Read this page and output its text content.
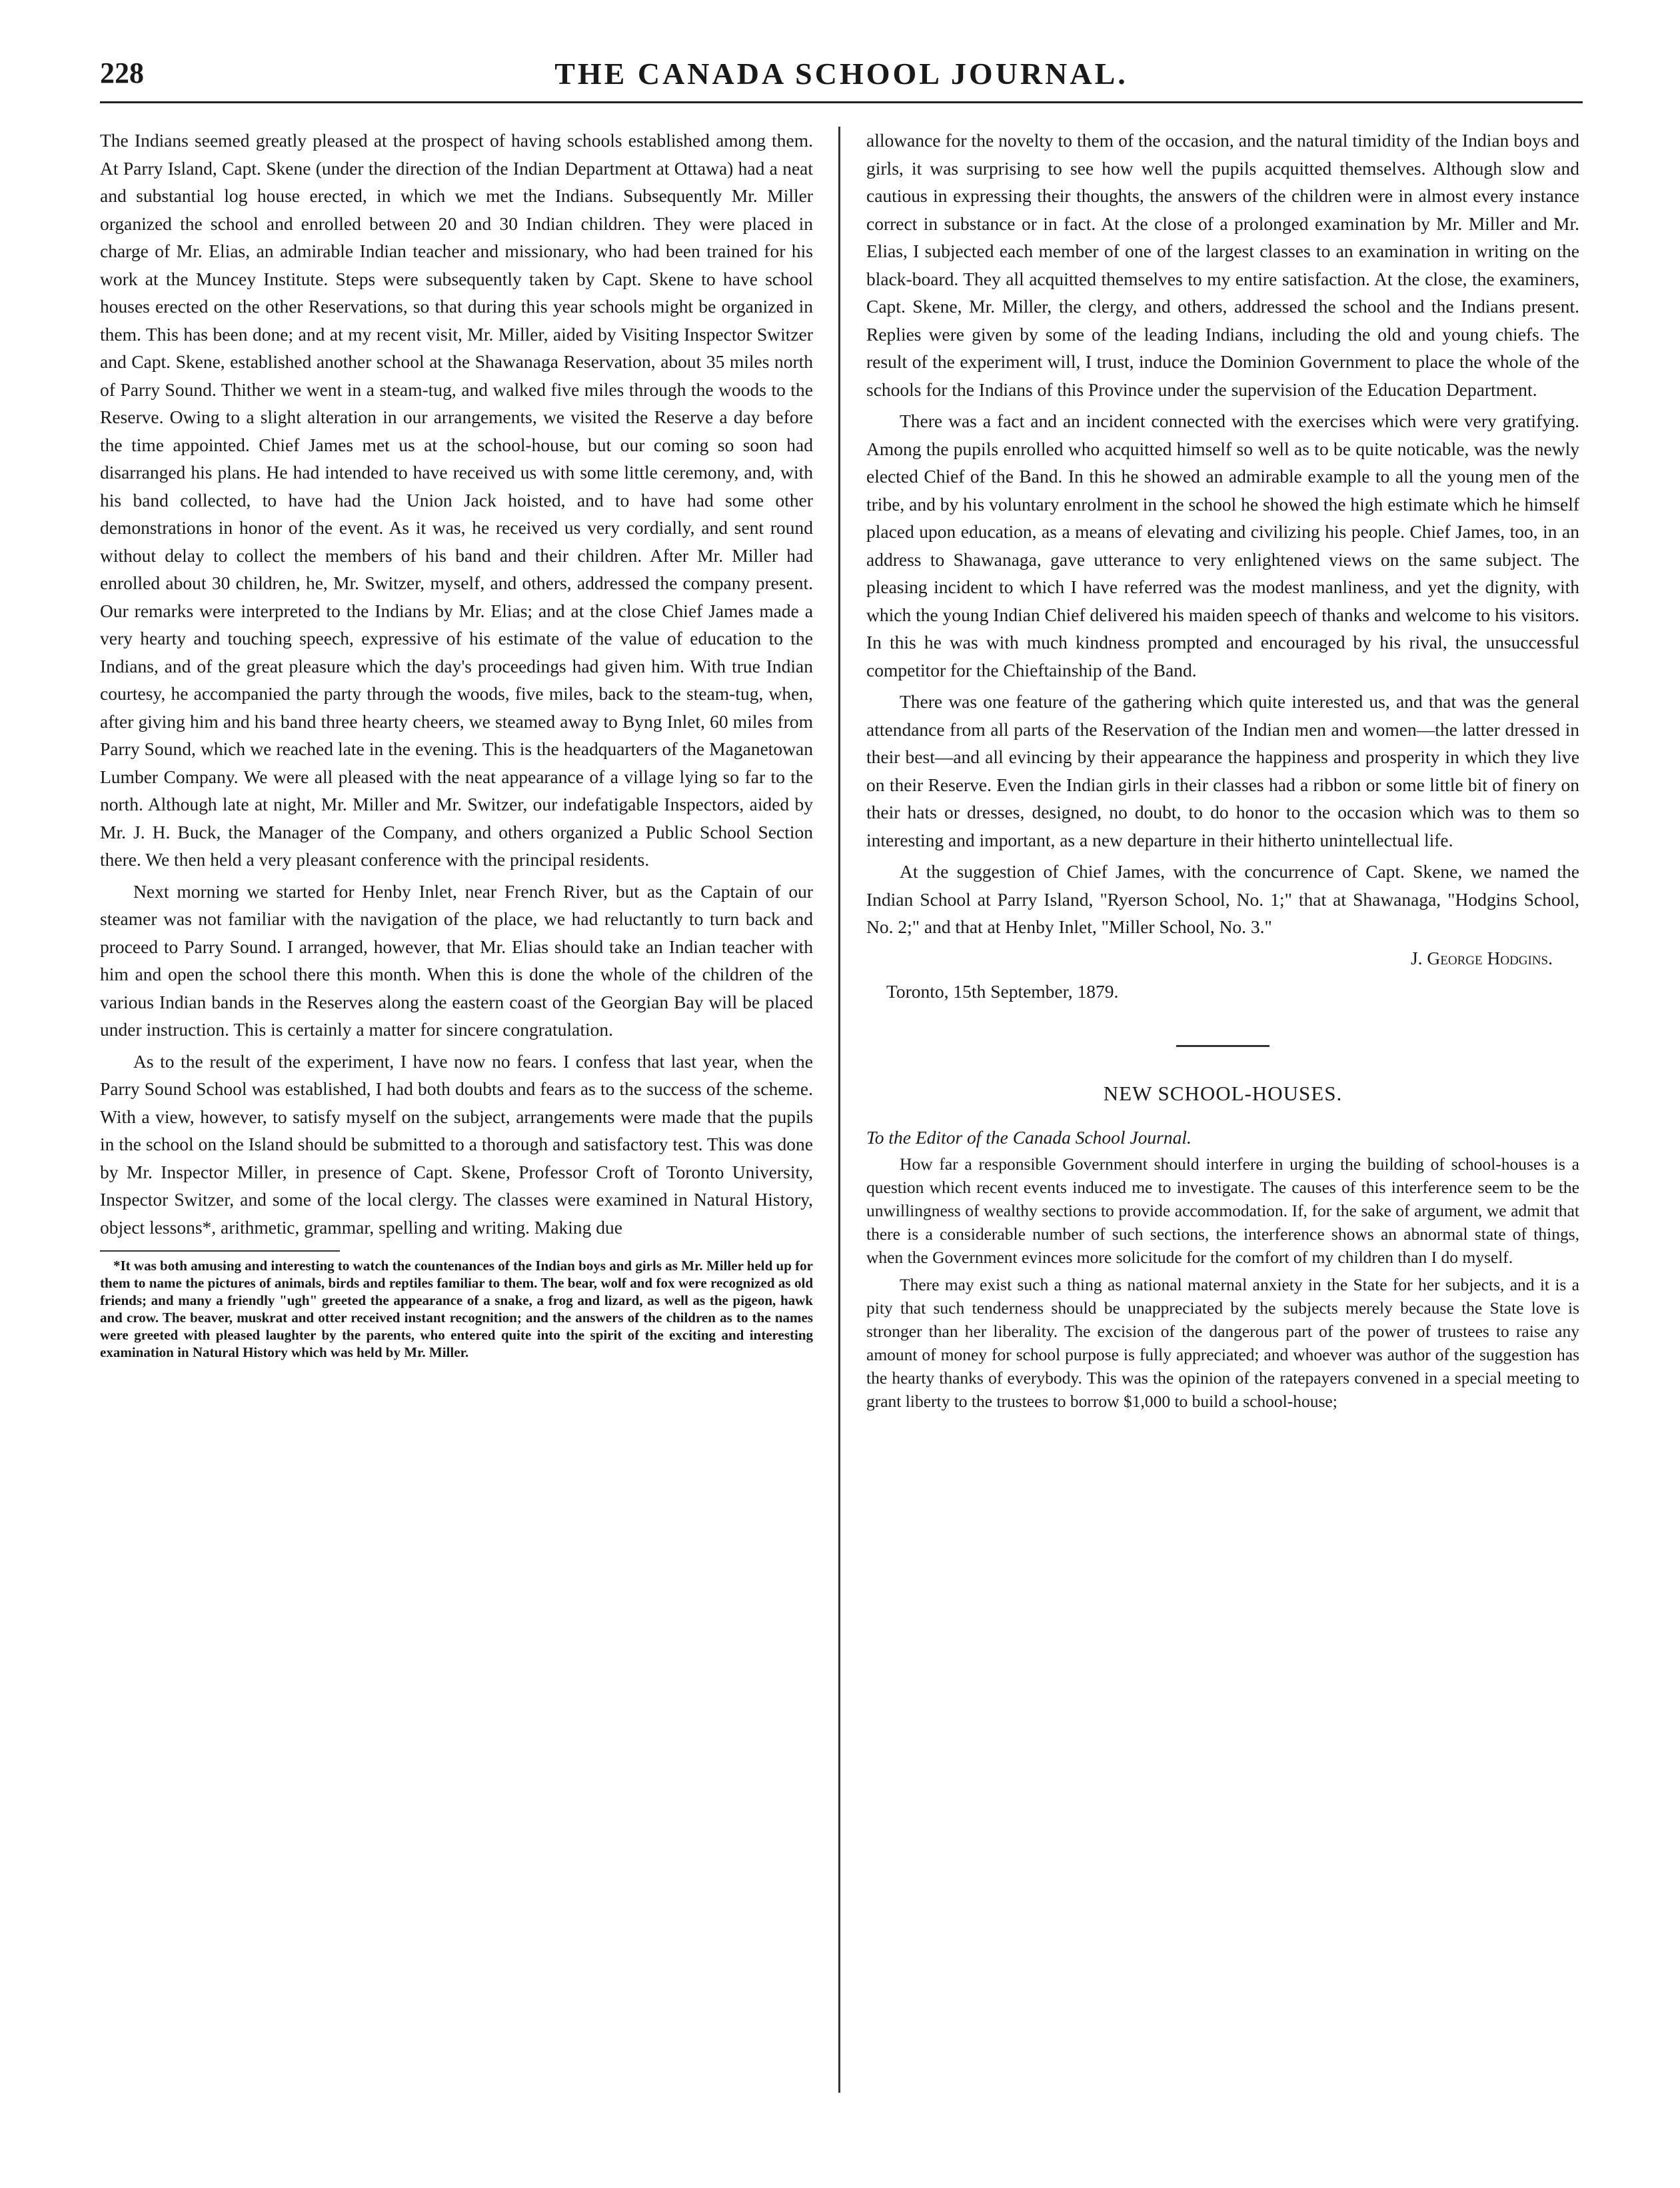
228	THE CANADA SCHOOL JOURNAL.

The Indians seemed greatly pleased at the prospect of having schools established among them. At Parry Island, Capt. Skene (under the direction of the Indian Department at Ottawa) had a neat and substantial log house erected, in which we met the Indians. Subsequently Mr. Miller organized the school and enrolled between 20 and 30 Indian children. They were placed in charge of Mr. Elias, an admirable Indian teacher and missionary, who had been trained for his work at the Muncey Institute. Steps were subsequently taken by Capt. Skene to have school houses erected on the other Reservations, so that during this year schools might be organized in them. This has been done; and at my recent visit, Mr. Miller, aided by Visiting Inspector Switzer and Capt. Skene, established another school at the Shawanaga Reservation, about 35 miles north of Parry Sound. Thither we went in a steam-tug, and walked five miles through the woods to the Reserve. Owing to a slight alteration in our arrangements, we visited the Reserve a day before the time appointed. Chief James met us at the school-house, but our coming so soon had disarranged his plans. He had intended to have received us with some little ceremony, and, with his band collected, to have had the Union Jack hoisted, and to have had some other demonstrations in honor of the event. As it was, he received us very cordially, and sent round without delay to collect the members of his band and their children. After Mr. Miller had enrolled about 30 children, he, Mr. Switzer, myself, and others, addressed the company present. Our remarks were interpreted to the Indians by Mr. Elias; and at the close Chief James made a very hearty and touching speech, expressive of his estimate of the value of education to the Indians, and of the great pleasure which the day's proceedings had given him. With true Indian courtesy, he accompanied the party through the woods, five miles, back to the steam-tug, when, after giving him and his band three hearty cheers, we steamed away to Byng Inlet, 60 miles from Parry Sound, which we reached late in the evening. This is the headquarters of the Maganetowan Lumber Company. We were all pleased with the neat appearance of a village lying so far to the north. Although late at night, Mr. Miller and Mr. Switzer, our indefatigable Inspectors, aided by Mr. J. H. Buck, the Manager of the Company, and others organized a Public School Section there. We then held a very pleasant conference with the principal residents.

Next morning we started for Henby Inlet, near French River, but as the Captain of our steamer was not familiar with the navigation of the place, we had reluctantly to turn back and proceed to Parry Sound. I arranged, however, that Mr. Elias should take an Indian teacher with him and open the school there this month. When this is done the whole of the children of the various Indian bands in the Reserves along the eastern coast of the Georgian Bay will be placed under instruction. This is certainly a matter for sincere congratulation.

As to the result of the experiment, I have now no fears. I confess that last year, when the Parry Sound School was established, I had both doubts and fears as to the success of the scheme. With a view, however, to satisfy myself on the subject, arrangements were made that the pupils in the school on the Island should be submitted to a thorough and satisfactory test. This was done by Mr. Inspector Miller, in presence of Capt. Skene, Professor Croft of Toronto University, Inspector Switzer, and some of the local clergy. The classes were examined in Natural History, object lessons*, arithmetic, grammar, spelling and writing. Making due

*It was both amusing and interesting to watch the countenances of the Indian boys and girls as Mr. Miller held up for them to name the pictures of animals, birds and reptiles familiar to them. The bear, wolf and fox were recognized as old friends; and many a friendly "ugh" greeted the appearance of a snake, a frog and lizard, as well as the pigeon, hawk and crow. The beaver, muskrat and otter received instant recognition; and the answers of the children as to the names were greeted with pleased laughter by the parents, who entered quite into the spirit of the exciting and interesting examination in Natural History which was held by Mr. Miller.

allowance for the novelty to them of the occasion, and the natural timidity of the Indian boys and girls, it was surprising to see how well the pupils acquitted themselves. Although slow and cautious in expressing their thoughts, the answers of the children were in almost every instance correct in substance or in fact. At the close of a prolonged examination by Mr. Miller and Mr. Elias, I subjected each member of one of the largest classes to an examination in writing on the black-board. They all acquitted themselves to my entire satisfaction. At the close, the examiners, Capt. Skene, Mr. Miller, the clergy, and others, addressed the school and the Indians present. Replies were given by some of the leading Indians, including the old and young chiefs. The result of the experiment will, I trust, induce the Dominion Government to place the whole of the schools for the Indians of this Province under the supervision of the Education Department.

There was a fact and an incident connected with the exercises which were very gratifying. Among the pupils enrolled who acquitted himself so well as to be quite noticable, was the newly elected Chief of the Band. In this he showed an admirable example to all the young men of the tribe, and by his voluntary enrolment in the school he showed the high estimate which he himself placed upon education, as a means of elevating and civilizing his people. Chief James, too, in an address to Shawanaga, gave utterance to very enlightened views on the same subject. The pleasing incident to which I have referred was the modest manliness, and yet the dignity, with which the young Indian Chief delivered his maiden speech of thanks and welcome to his visitors. In this he was with much kindness prompted and encouraged by his rival, the unsuccessful competitor for the Chieftainship of the Band.

There was one feature of the gathering which quite interested us, and that was the general attendance from all parts of the Reservation of the Indian men and women—the latter dressed in their best—and all evincing by their appearance the happiness and prosperity in which they live on their Reserve. Even the Indian girls in their classes had a ribbon or some little bit of finery on their hats or dresses, designed, no doubt, to do honor to the occasion which was to them so interesting and important, as a new departure in their hitherto unintellectual life.

At the suggestion of Chief James, with the concurrence of Capt. Skene, we named the Indian School at Parry Island, "Ryerson School, No. 1;" that at Shawanaga, "Hodgins School, No. 2;" and that at Henby Inlet, "Miller School, No. 3."

J. George Hodgins.
Toronto, 15th September, 1879.
NEW SCHOOL-HOUSES.
To the Editor of the Canada School Journal.

How far a responsible Government should interfere in urging the building of school-houses is a question which recent events induced me to investigate. The causes of this interference seem to be the unwillingness of wealthy sections to provide accommodation. If, for the sake of argument, we admit that there is a considerable number of such sections, the interference shows an abnormal state of things, when the Government evinces more solicitude for the comfort of my children than I do myself.

There may exist such a thing as national maternal anxiety in the State for her subjects, and it is a pity that such tenderness should be unappreciated by the subjects merely because the State love is stronger than her liberality. The excision of the dangerous part of the power of trustees to raise any amount of money for school purpose is fully appreciated; and whoever was author of the suggestion has the hearty thanks of everybody. This was the opinion of the ratepayers convened in a special meeting to grant liberty to the trustees to borrow $1,000 to build a school-house;
